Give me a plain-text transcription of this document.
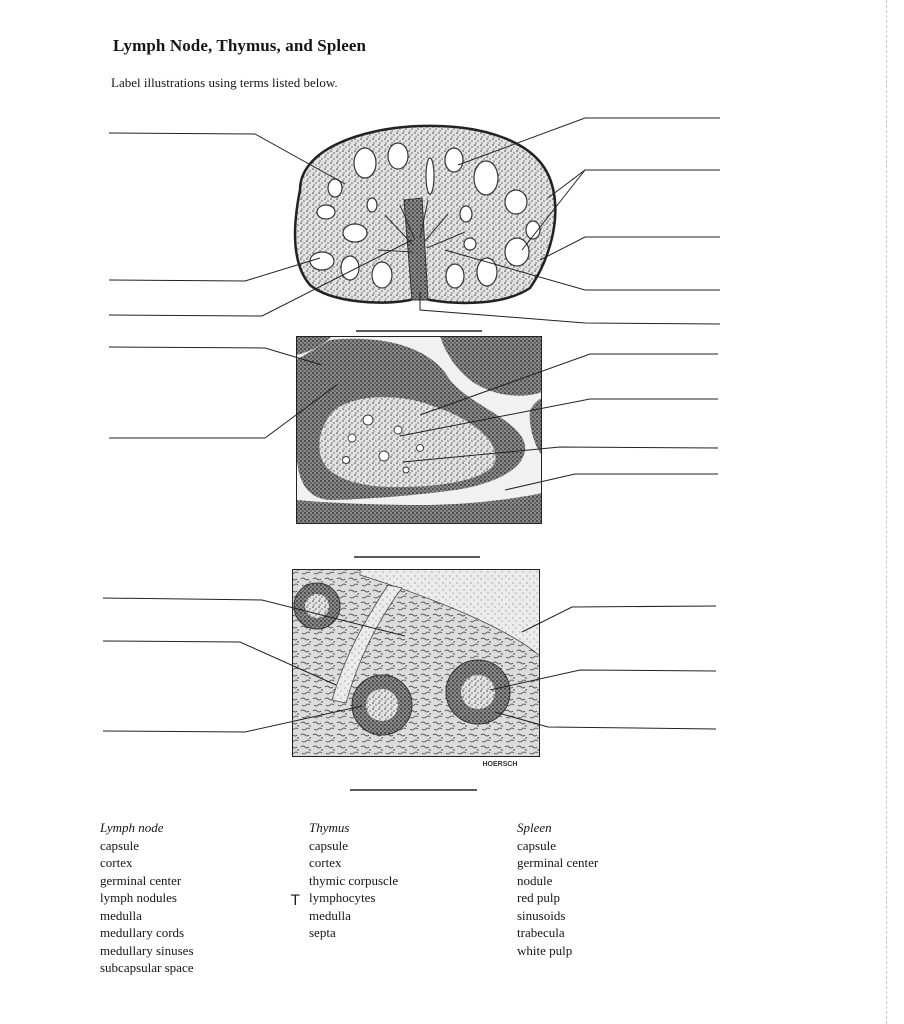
Lymph Node, Thymus, and Spleen
Label illustrations using terms listed below.
HOERSCH
Lymph node
capsule
cortex
germinal center
lymph nodules
medulla
medullary cords
medullary sinuses
subcapsular space
Thymus
capsule
cortex
thymic corpuscle
lymphocytes
medulla
septa
T
Spleen
capsule
germinal center
nodule
red pulp
sinusoids
trabecula
white pulp
